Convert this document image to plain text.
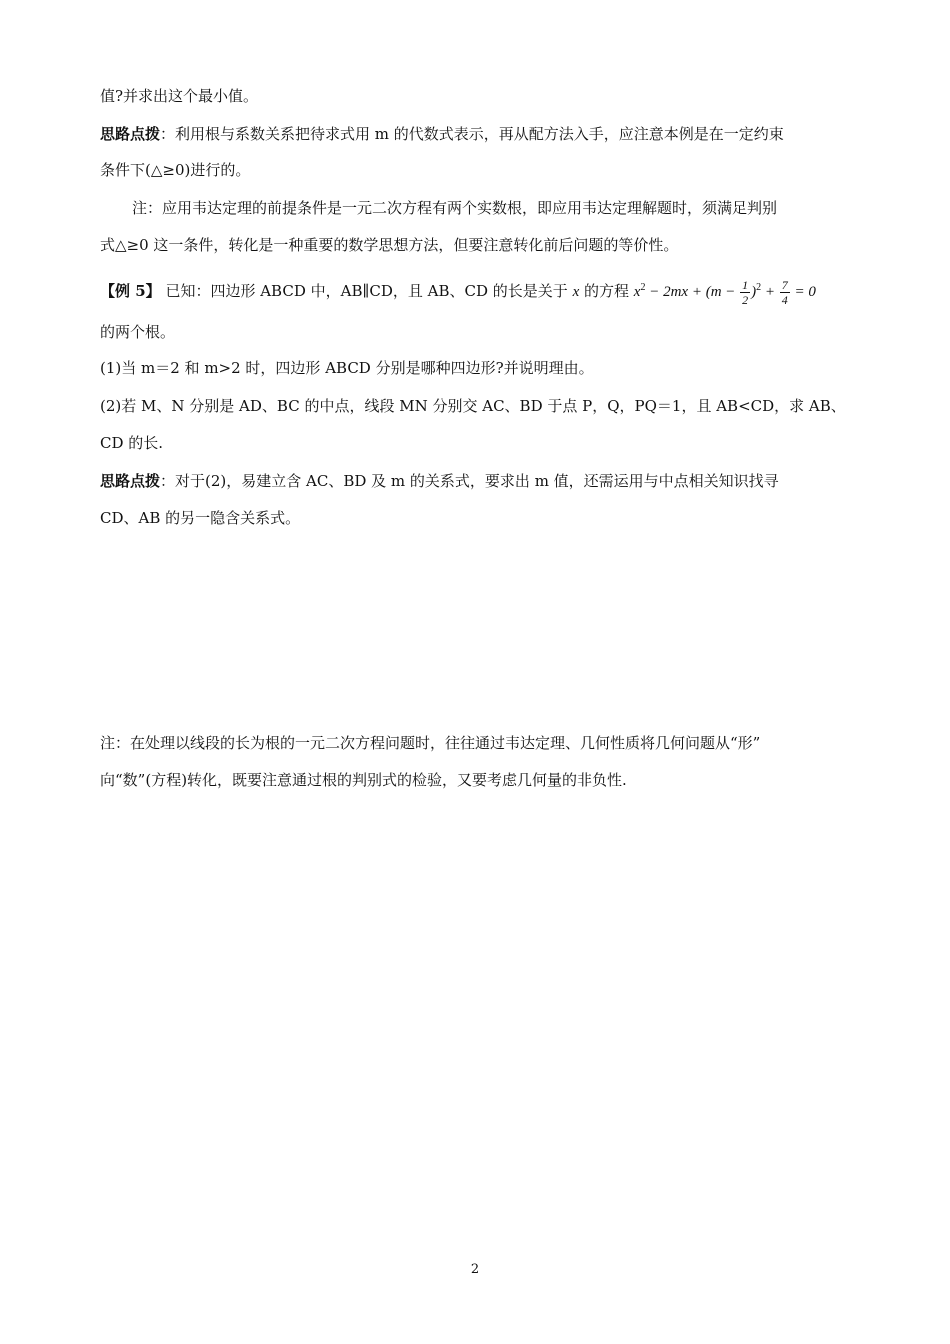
值?并求出这个最小值。
思路点拨：利用根与系数关系把待求式用 m 的代数式表示，再从配方法入手，应注意本例是在一定约束
条件下(△≥0)进行的。
注：应用韦达定理的前提条件是一元二次方程有两个实数根，即应用韦达定理解题时，须满足判别
式△≥0 这一条件，转化是一种重要的数学思想方法，但要注意转化前后问题的等价性。
【例 5】 已知：四边形 ABCD 中，AB∥CD，且 AB、CD 的长是关于 x 的方程 $x^2 - 2mx + (m - \frac{1}{2} )^2 + \frac{7}{4} = 0$
的两个根。
(1)当 m＝2 和 m>2 时，四边形 ABCD 分别是哪种四边形?并说明理由。
(2)若 M、N 分别是 AD、BC 的中点，线段 MN 分别交 AC、BD 于点 P，Q，PQ＝1，且 AB<CD，求 AB、
CD 的长.
思路点拨：对于(2)，易建立含 AC、BD 及 m 的关系式，要求出 m 值，还需运用与中点相关知识找寻
CD、AB 的另一隐含关系式。
注：在处理以线段的长为根的一元二次方程问题时，往往通过韦达定理、几何性质将几何问题从“形”
向“数”(方程)转化，既要注意通过根的判别式的检验，又要考虑几何量的非负性.
2
